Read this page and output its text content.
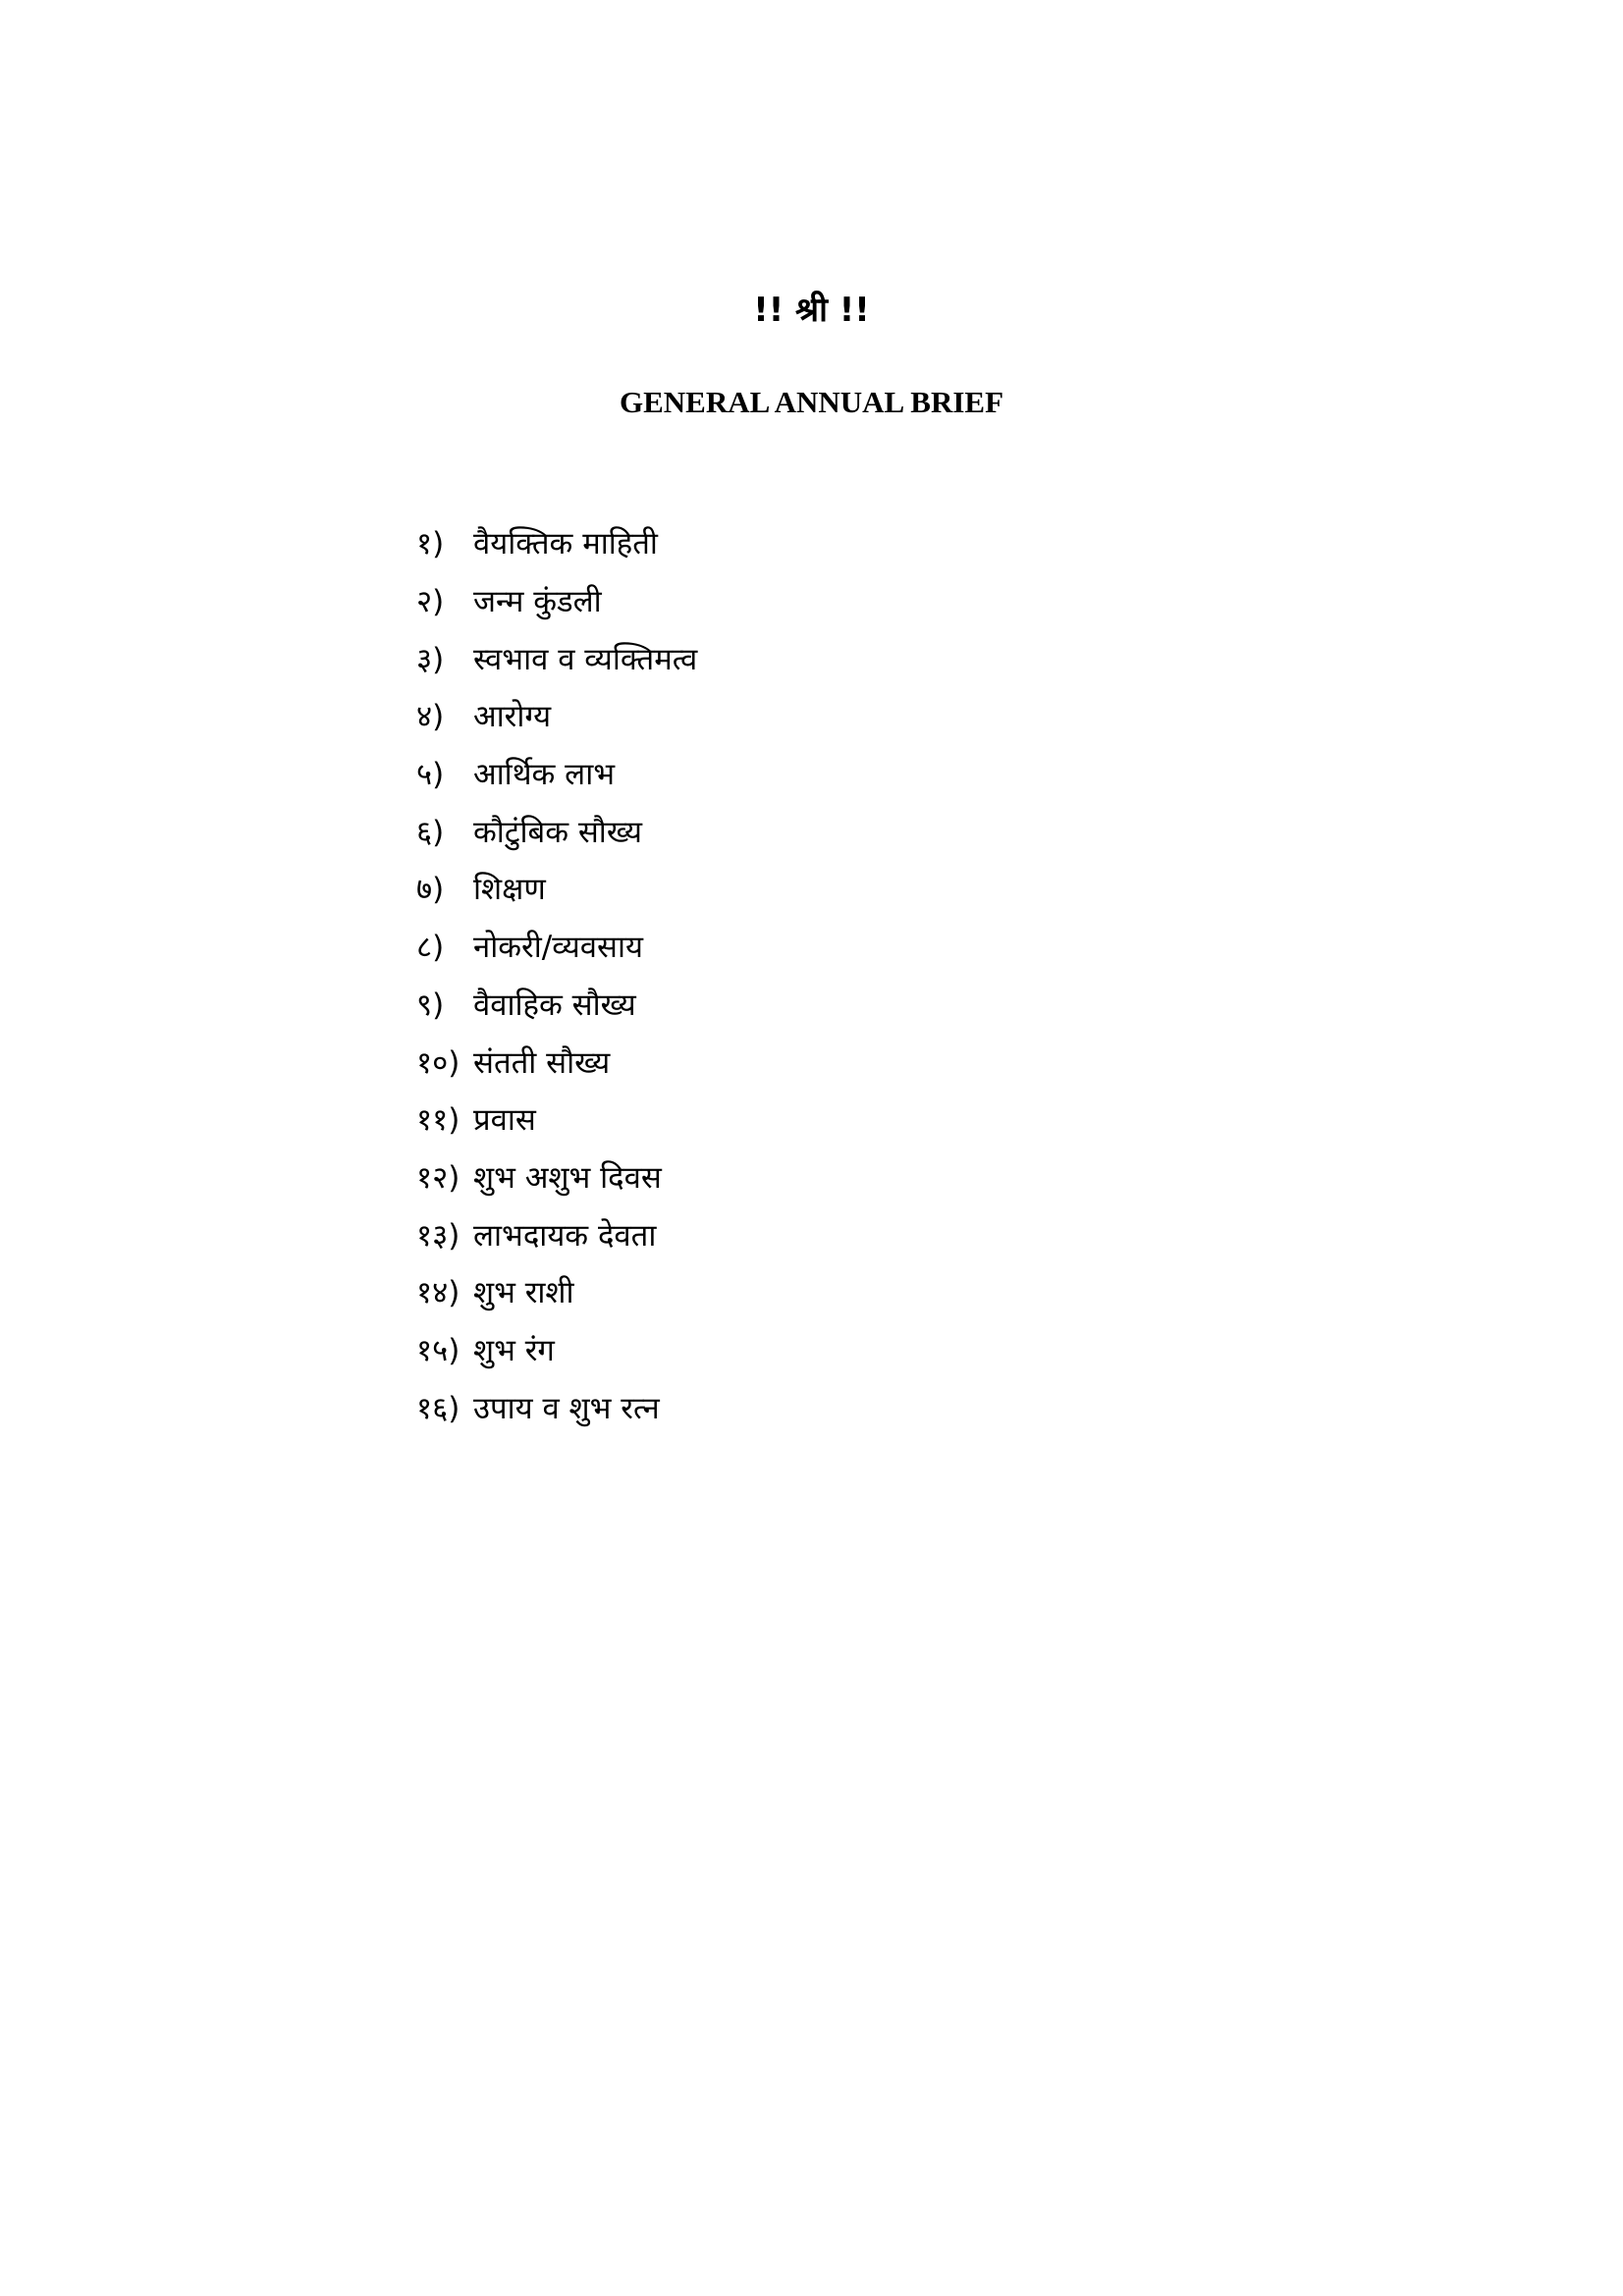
!! श्री !!
GENERAL ANNUAL BRIEF
१) वैयक्तिक माहिती
२) जन्म कुंडली
३) स्वभाव व व्यक्तिमत्व
४) आरोग्य
५) आर्थिक लाभ
६) कौटुंबिक सौख्य
७) शिक्षण
८) नोकरी/व्यवसाय
९) वैवाहिक सौख्य
१०) संतती सौख्य
११) प्रवास
१२) शुभ अशुभ दिवस
१३) लाभदायक देवता
१४) शुभ राशी
१५) शुभ रंग
१६) उपाय व शुभ रत्न
